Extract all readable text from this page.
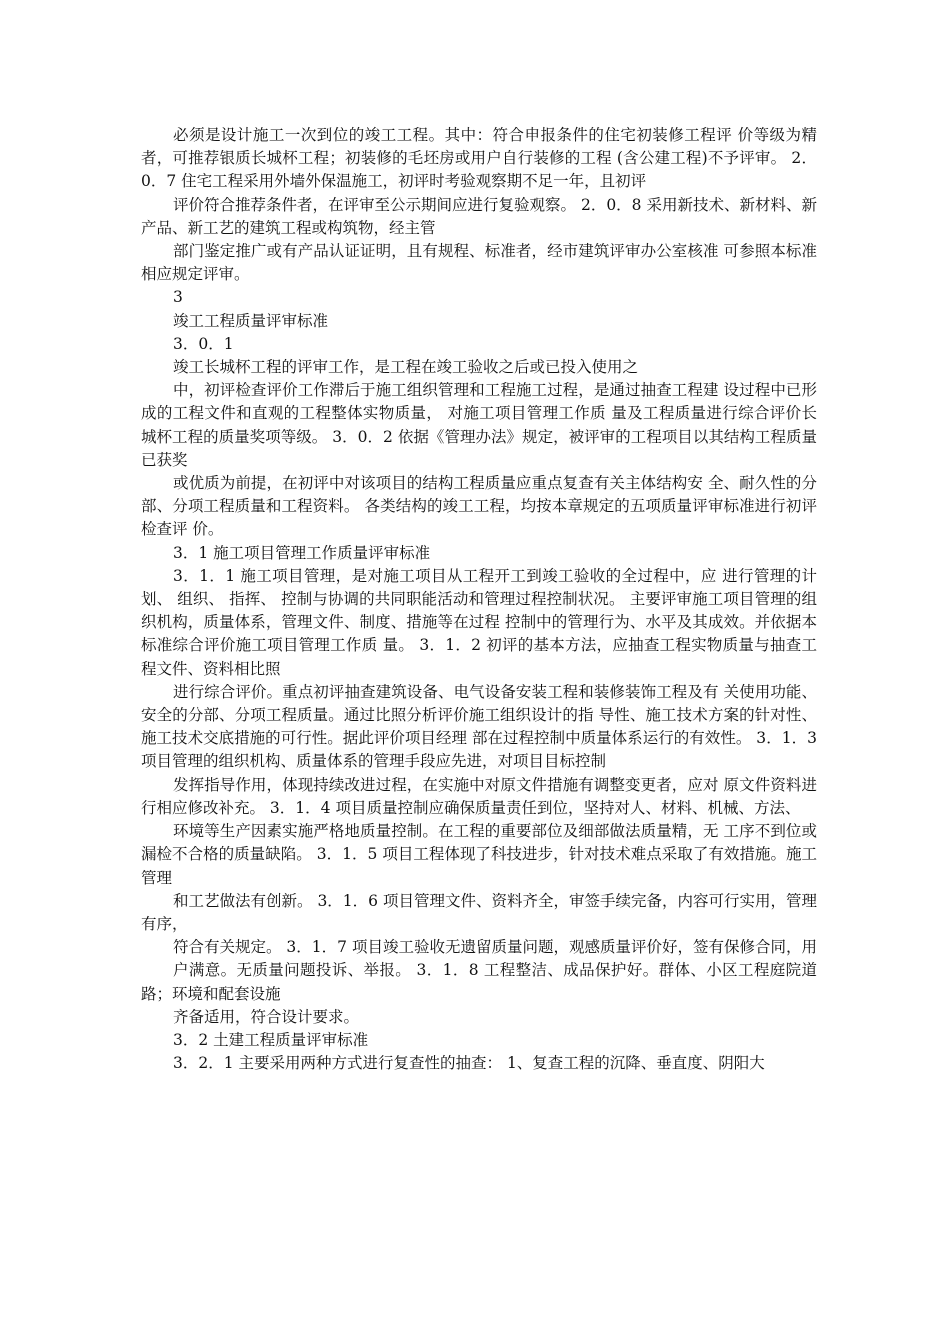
必须是设计施工一次到位的竣工工程。其中：符合申报条件的住宅初装修工程评 价等级为精者，可推荐银质长城杯工程；初装修的毛坯房或用户自行装修的工程 (含公建工程)不予评审。 2．0．7 住宅工程采用外墙外保温施工，初评时考验观察期不足一年，且初评

评价符合推荐条件者，在评审至公示期间应进行复验观察。 2．0．8 采用新技术、新材料、新产品、新工艺的建筑工程或构筑物，经主管

部门鉴定推广或有产品认证证明，且有规程、标准者，经市建筑评审办公室核准 可参照本标准相应规定评审。

3

竣工工程质量评审标准

3．0．1

竣工长城杯工程的评审工作，是工程在竣工验收之后或已投入使用之

中，初评检查评价工作滞后于施工组织管理和工程施工过程，是通过抽查工程建 设过程中已形成的工程文件和直观的工程整体实物质量， 对施工项目管理工作质 量及工程质量进行综合评价长城杯工程的质量奖项等级。 3．0．2 依据《管理办法》规定，被评审的工程项目以其结构工程质量已获奖

或优质为前提，在初评中对该项目的结构工程质量应重点复查有关主体结构安 全、耐久性的分部、分项工程质量和工程资料。 各类结构的竣工工程，均按本章规定的五项质量评审标准进行初评检查评 价。

3．1 施工项目管理工作质量评审标准

3．1．1 施工项目管理，是对施工项目从工程开工到竣工验收的全过程中，应 进行管理的计划、 组织、 指挥、 控制与协调的共同职能活动和管理过程控制状况。 主要评审施工项目管理的组织机构，质量体系，管理文件、制度、措施等在过程 控制中的管理行为、水平及其成效。并依据本标准综合评价施工项目管理工作质 量。 3．1．2 初评的基本方法，应抽查工程实物质量与抽查工程文件、资料相比照

进行综合评价。重点初评抽查建筑设备、电气设备安装工程和装修装饰工程及有 关使用功能、安全的分部、分项工程质量。通过比照分析评价施工组织设计的指 导性、施工技术方案的针对性、施工技术交底措施的可行性。据此评价项目经理 部在过程控制中质量体系运行的有效性。 3．1．3 项目管理的组织机构、质量体系的管理手段应先进，对项目目标控制

发挥指导作用，体现持续改进过程，在实施中对原文件措施有调整变更者，应对 原文件资料进行相应修改补充。 3．1．4 项目质量控制应确保质量责任到位，坚持对人、材料、机械、方法、

环境等生产因素实施严格地质量控制。在工程的重要部位及细部做法质量精，无 工序不到位或漏检不合格的质量缺陷。 3．1．5 项目工程体现了科技进步，针对技术难点采取了有效措施。施工管理

和工艺做法有创新。 3．1．6 项目管理文件、资料齐全，审签手续完备，内容可行实用，管理有序，

符合有关规定。 3．1．7 项目竣工验收无遗留质量问题，观感质量评价好，签有保修合同，用

户满意。无质量问题投诉、举报。 3．1．8 工程整洁、成品保护好。群体、小区工程庭院道路；环境和配套设施

齐备适用，符合设计要求。

3．2 土建工程质量评审标准

3．2．1 主要采用两种方式进行复查性的抽查： 1、复查工程的沉降、垂直度、阴阳大
